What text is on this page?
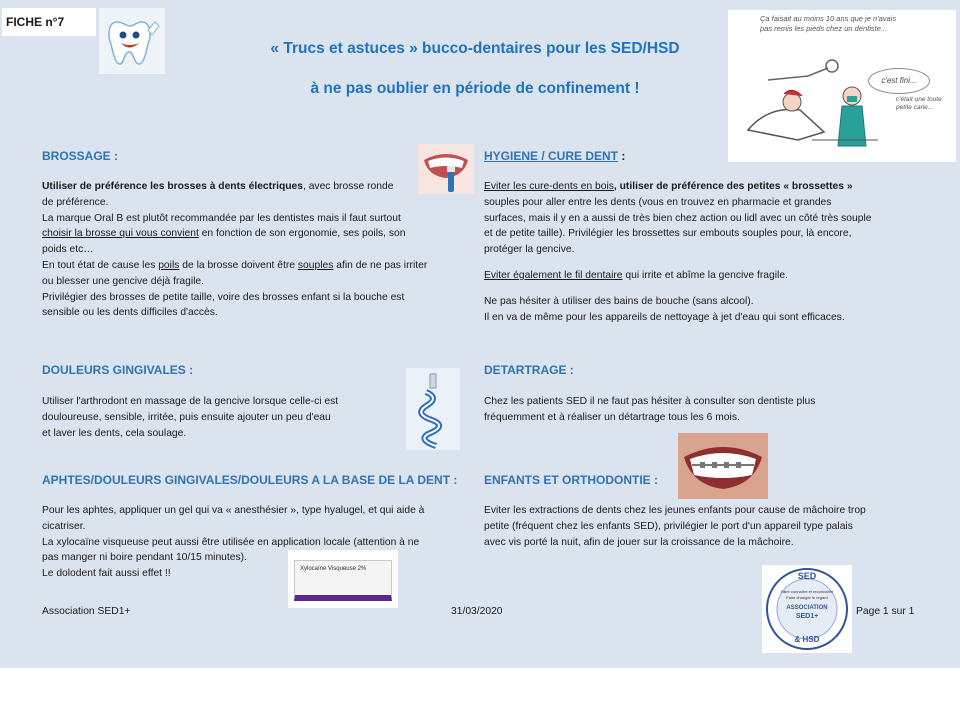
FICHE n°7
« Trucs et astuces » bucco-dentaires pour les SED/HSD
à ne pas oublier en période de confinement !
Ça faisait au moins 10 ans que je n'avais
pas remis les pieds chez un dentiste...
c'est fini...
c'était une toute
petite carie...
BROSSAGE :

Utiliser de préférence les brosses à dents électriques, avec brosse ronde

de préférence.

La marque Oral B est plutôt recommandée par les dentistes mais il faut surtout

choisir la brosse qui vous convient en fonction de son ergonomie, ses poils, son

poids etc…

En tout état de cause les poils de la brosse doivent être souples afin de ne pas irriter

ou blesser une gencive déjà fragile.

Privilégier des brosses de petite taille, voire des brosses enfant si la bouche est

sensible ou les dents difficiles d'accès.

DOULEURS GINGIVALES :

Utiliser l'arthrodont en massage de la gencive lorsque celle-ci est

douloureuse, sensible, irritée, puis ensuite ajouter un peu d'eau

et laver les dents, cela soulage.

APHTES/DOULEURS GINGIVALES/DOULEURS A LA BASE DE LA DENT :

Pour les aphtes, appliquer un gel qui va « anesthésier », type hyalugel, et qui aide à

cicatriser.

La xylocaïne visqueuse peut aussi être utilisée en application locale (attention à ne

pas manger ni boire pendant 10/15 minutes).

Le dolodent fait aussi effet !!	Xylocaïne Visqueuse 2%
HYGIENE / CURE DENT :

Eviter les cure-dents en bois, utiliser de préférence des petites « brossettes »

souples pour aller entre les dents (vous en trouvez en pharmacie et grandes

surfaces, mais il y en a aussi de très bien chez action ou lidl avec un côté très souple

et de petite taille). Privilégier les brossettes sur embouts souples pour, là encore,

protéger la gencive.

Eviter également le fil dentaire qui irrite et abîme la gencive fragile.

Ne pas hésiter à utiliser des bains de bouche (sans alcool).

Il en va de même pour les appareils de nettoyage à jet d'eau qui sont efficaces.

DETARTRAGE :

Chez les patients SED il ne faut pas hésiter à consulter son dentiste plus

fréquemment et à réaliser un détartrage tous les 6 mois.

ENFANTS ET ORTHODONTIE :

Eviter les extractions de dents chez les jeunes enfants pour cause de mâchoire trop

petite (fréquent chez les enfants SED), privilégier le port d'un appareil type palais

avec vis porté la nuit, afin de jouer sur la croissance de la mâchoire.

SED
Faire connaître et reconnaître
Faire changer le regard
ASSOCIATION
SED1+
& HSD
Association SED1+	31/03/2020	Page 1 sur 1
